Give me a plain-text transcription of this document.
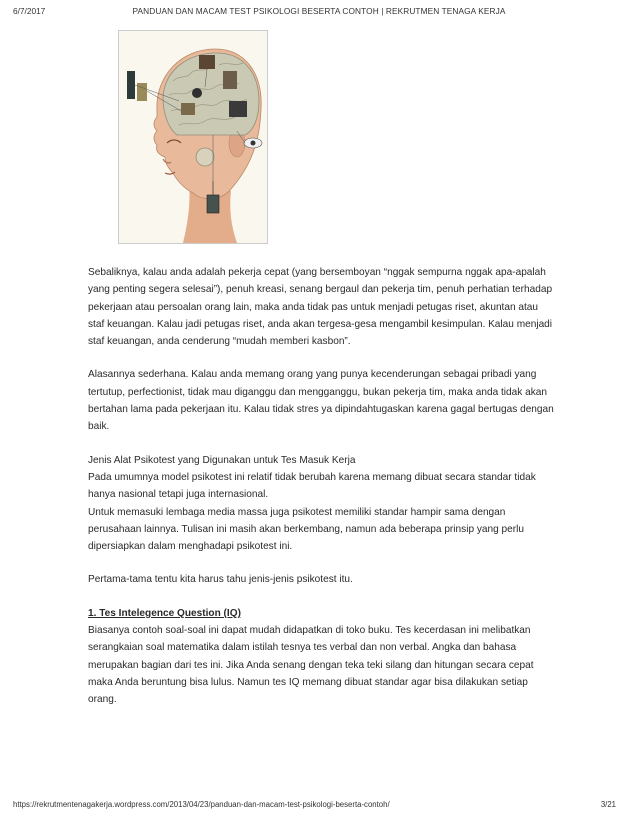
6/7/2017	PANDUAN DAN MACAM TEST PSIKOLOGI BESERTA CONTOH | REKRUTMEN TENAGA KERJA

Sebaliknya, kalau anda adalah pekerja cepat (yang bersemboyan “nggak sempurna nggak apa-apalah yang penting segera selesai”), penuh kreasi, senang bergaul dan pekerja tim, penuh perhatian terhadap pekerjaan atau persoalan orang lain, maka anda tidak pas untuk menjadi petugas riset, akuntan atau staf keuangan. Kalau jadi petugas riset, anda akan tergesa-gesa mengambil kesimpulan. Kalau menjadi staf keuangan, anda cenderung “mudah memberi kasbon”.

Alasannya sederhana. Kalau anda memang orang yang punya kecenderungan sebagai pribadi yang tertutup, perfectionist, tidak mau diganggu dan mengganggu, bukan pekerja tim, maka anda tidak akan bertahan lama pada pekerjaan itu. Kalau tidak stres ya dipindahtugaskan karena gagal bertugas dengan baik.

Jenis Alat Psikotest yang Digunakan untuk Tes Masuk Kerja

Pada umumnya model psikotest ini relatif tidak berubah karena memang dibuat secara standar tidak hanya nasional tetapi juga internasional.

Untuk memasuki lembaga media massa juga psikotest memiliki standar hampir sama dengan perusahaan lainnya. Tulisan ini masih akan berkembang, namun ada beberapa prinsip yang perlu dipersiapkan dalam menghadapi psikotest ini.

Pertama-tama tentu kita harus tahu jenis-jenis psikotest itu.

1. Tes Intelegence Question (IQ)

Biasanya contoh soal-soal ini dapat mudah didapatkan di toko buku. Tes kecerdasan ini melibatkan serangkaian soal matematika dalam istilah tesnya tes verbal dan non verbal. Angka dan bahasa merupakan bagian dari tes ini. Jika Anda senang dengan teka teki silang dan hitungan secara cepat maka Anda beruntung bisa lulus. Namun tes IQ memang dibuat standar agar bisa dilakukan setiap orang.

https://rekrutmentenagakerja.wordpress.com/2013/04/23/panduan-dan-macam-test-psikologi-beserta-contoh/	3/21
